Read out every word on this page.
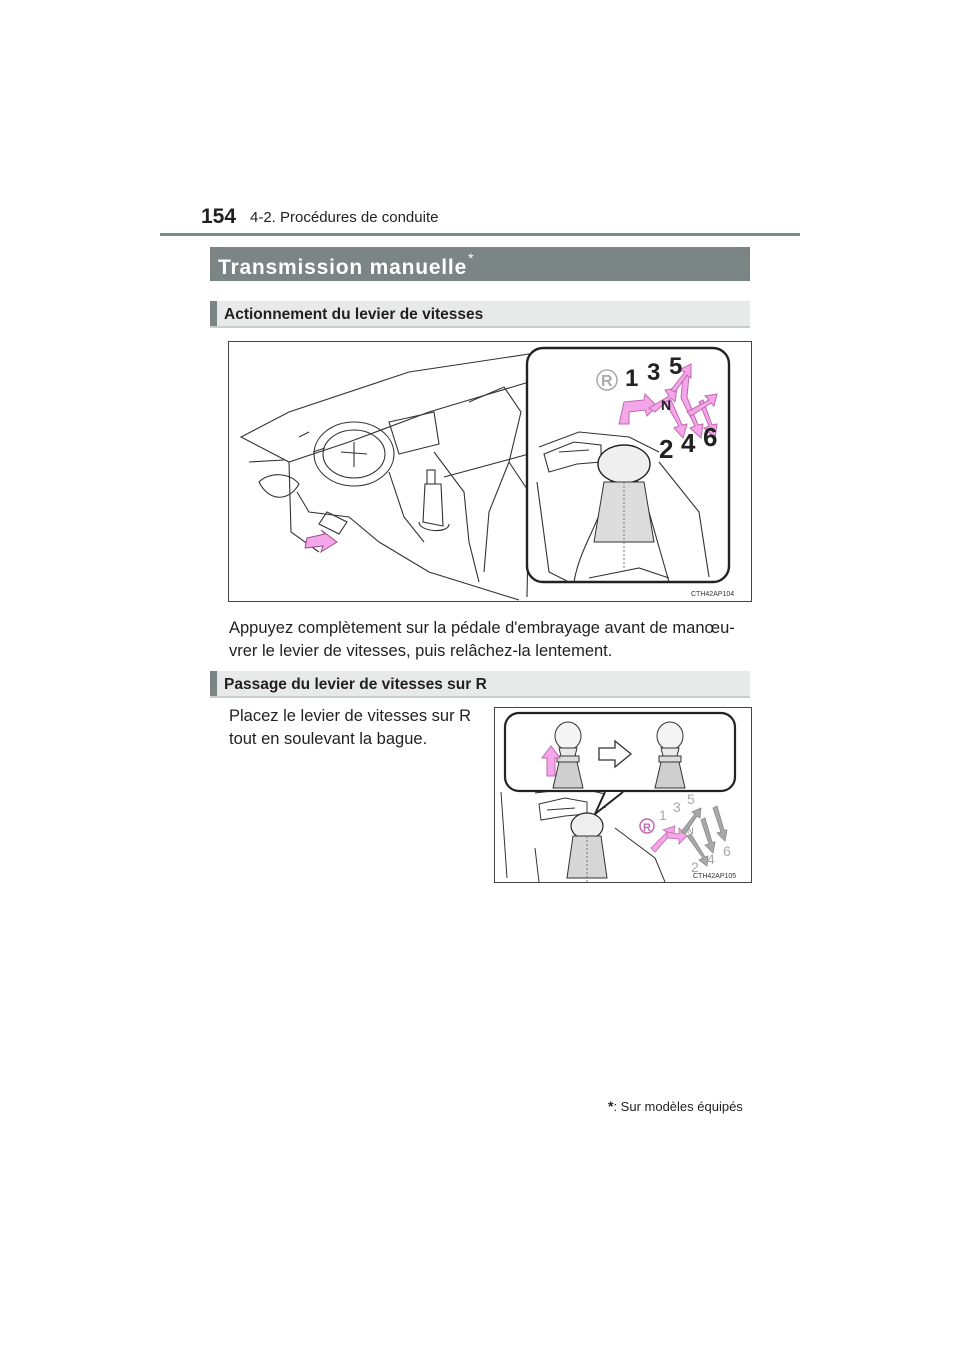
154 4-2. Procédures de conduite
Transmission manuelle*
Actionnement du levier de vitesses
R 1 3 5
N
2 4 6
CTH42AP104
Appuyez complètement sur la pédale d'embrayage avant de manœu-vrer le levier de vitesses, puis relâchez-la lentement.
Passage du levier de vitesses sur R
Placez le levier de vitesses sur R tout en soulevant la bague.
R
1 3 5
N
2 4 6
CTH42AP105
*: Sur modèles équipés
